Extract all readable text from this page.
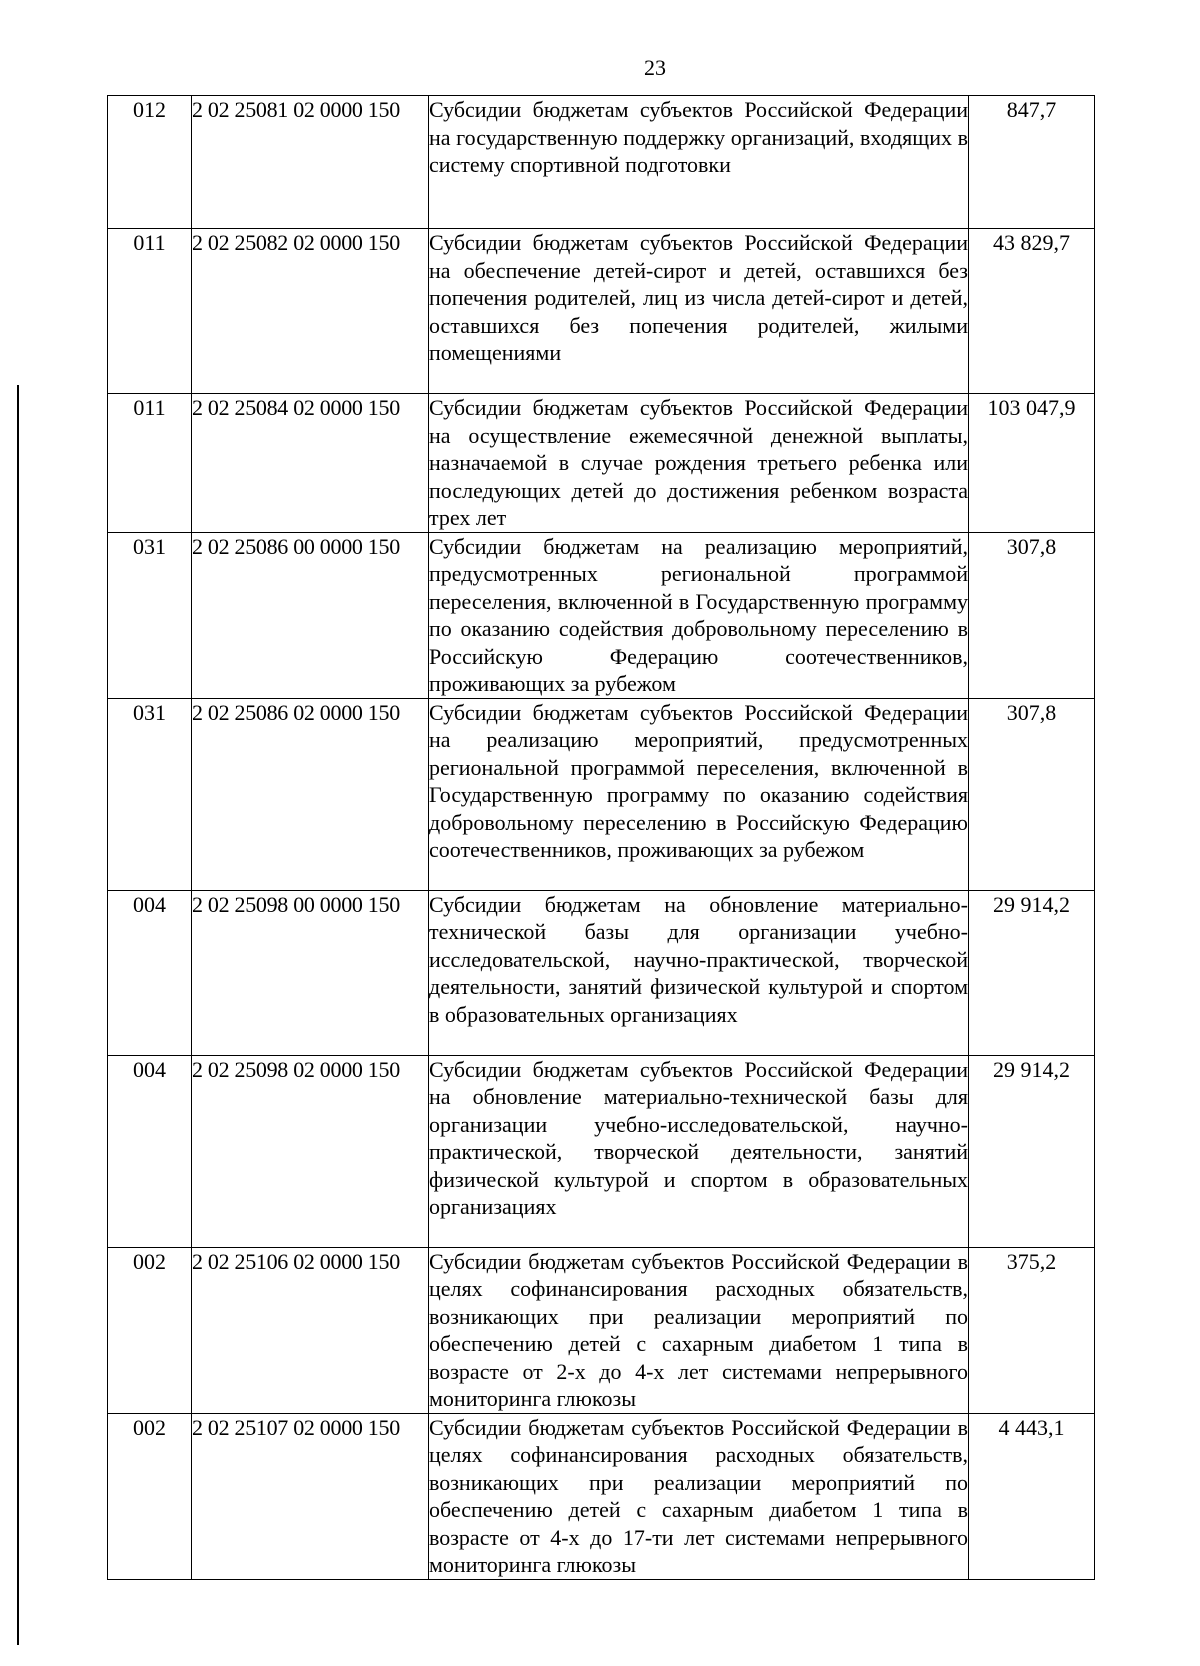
23
012	2 02 25081 02 0000 150	Субсидии бюджетам субъектов Российской Федерации на государственную поддержку организаций, входящих в систему спортивной подготовки	847,7
011	2 02 25082 02 0000 150	Субсидии бюджетам субъектов Российской Федерации на обеспечение детей-сирот и детей, оставшихся без попечения родителей, лиц из числа детей-сирот и детей, оставшихся без попечения родителей, жилыми помещениями	43 829,7
011	2 02 25084 02 0000 150	Субсидии бюджетам субъектов Российской Федерации на осуществление ежемесячной денежной выплаты, назначаемой в случае рождения третьего ребенка или последующих детей до достижения ребенком возраста трех лет	103 047,9
031	2 02 25086 00 0000 150	Субсидии бюджетам на реализацию мероприятий, предусмотренных региональной программой переселения, включенной в Государственную программу по оказанию содействия добровольному переселению в Российскую Федерацию соотечественников, проживающих за рубежом	307,8
031	2 02 25086 02 0000 150	Субсидии бюджетам субъектов Российской Федерации на реализацию мероприятий, предусмотренных региональной программой переселения, включенной в Государственную программу по оказанию содействия добровольному переселению в Российскую Федерацию соотечественников, проживающих за рубежом	307,8
004	2 02 25098 00 0000 150	Субсидии бюджетам на обновление материально-технической базы для организации учебно-исследовательской, научно-практической, творческой деятельности, занятий физической культурой и спортом в образовательных организациях	29 914,2
004	2 02 25098 02 0000 150	Субсидии бюджетам субъектов Российской Федерации на обновление материально-технической базы для организации учебно-исследовательской, научно-практической, творческой деятельности, занятий физической культурой и спортом в образовательных организациях	29 914,2
002	2 02 25106 02 0000 150	Субсидии бюджетам субъектов Российской Федерации в целях софинансирования расходных обязательств, возникающих при реализации мероприятий по обеспечению детей с сахарным диабетом 1 типа в возрасте от 2-х до 4-х лет системами непрерывного мониторинга глюкозы	375,2
002	2 02 25107 02 0000 150	Субсидии бюджетам субъектов Российской Федерации в целях софинансирования расходных обязательств, возникающих при реализации мероприятий по обеспечению детей с сахарным диабетом 1 типа в возрасте от 4-х до 17-ти лет системами непрерывного мониторинга глюкозы	4 443,1
